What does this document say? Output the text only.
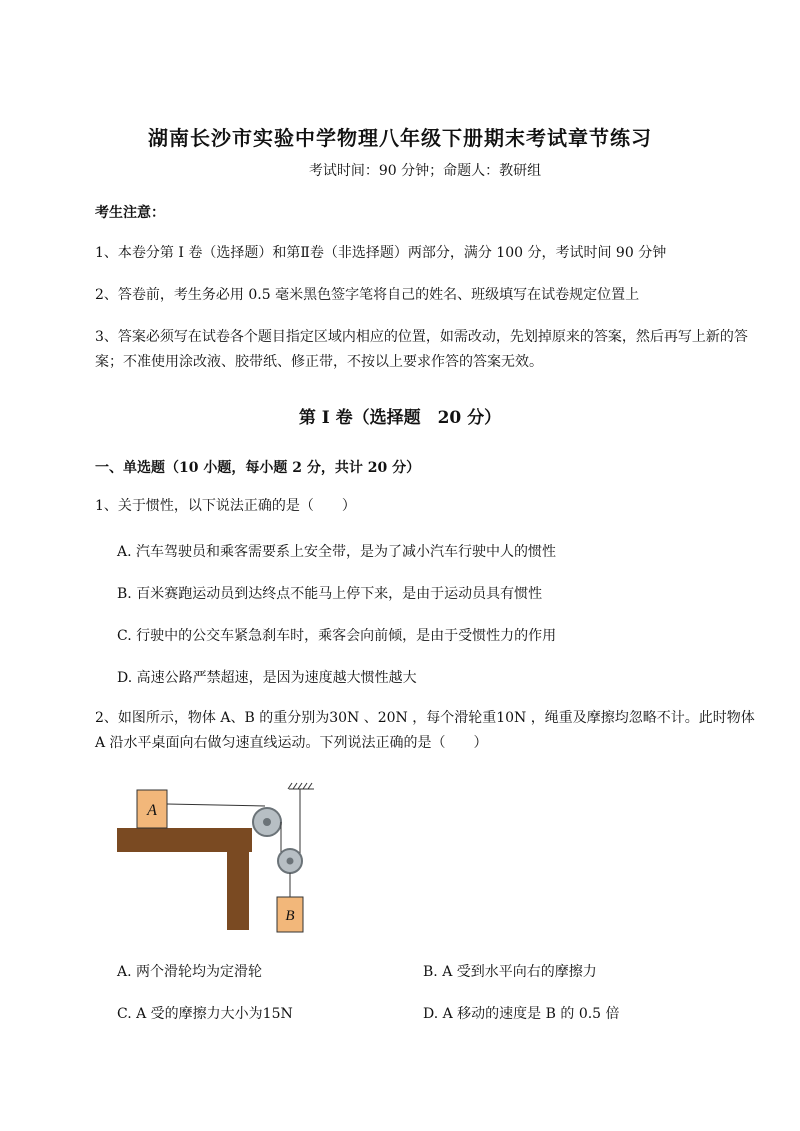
湖南长沙市实验中学物理八年级下册期末考试章节练习
考试时间：90 分钟；命题人：教研组
考生注意：
1、本卷分第 I 卷（选择题）和第Ⅱ卷（非选择题）两部分，满分 100 分，考试时间 90 分钟
2、答卷前，考生务必用 0.5 毫米黑色签字笔将自己的姓名、班级填写在试卷规定位置上
3、答案必须写在试卷各个题目指定区域内相应的位置，如需改动，先划掉原来的答案，然后再写上新的答案；不准使用涂改液、胶带纸、修正带，不按以上要求作答的答案无效。
第 I 卷（选择题　20 分）
一、单选题（10 小题，每小题 2 分，共计 20 分）
1、关于惯性，以下说法正确的是（　　）
A. 汽车驾驶员和乘客需要系上安全带，是为了减小汽车行驶中人的惯性
B. 百米赛跑运动员到达终点不能马上停下来，是由于运动员具有惯性
C. 行驶中的公交车紧急刹车时，乘客会向前倾，是由于受惯性力的作用
D. 高速公路严禁超速，是因为速度越大惯性越大
2、如图所示，物体 A、B 的重分别为30N 、20N ，每个滑轮重10N ，绳重及摩擦均忽略不计。此时物体 A 沿水平桌面向右做匀速直线运动。下列说法正确的是（　　）
A
B
A. 两个滑轮均为定滑轮	B. A 受到水平向右的摩擦力
C. A 受的摩擦力大小为15N	D. A 移动的速度是 B 的 0.5 倍
